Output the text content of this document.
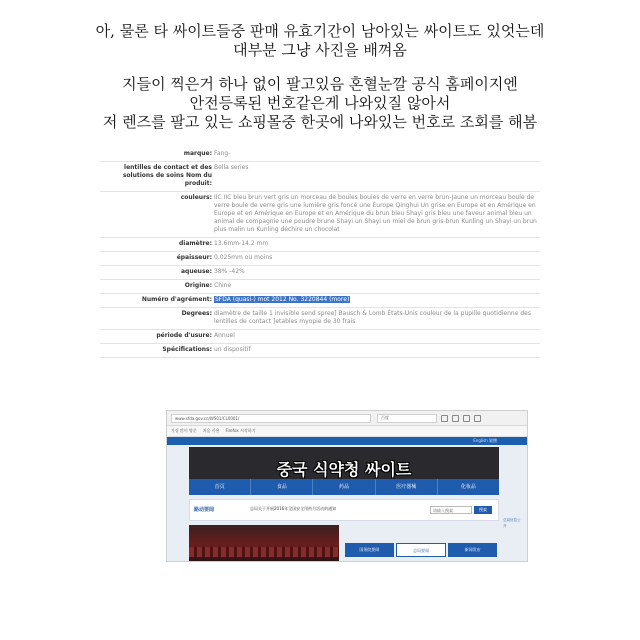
아, 물론 타 싸이트들중 판매 유효기간이 남아있는 싸이트도 있엇는데
대부분 그냥 사진을 배껴옴
지들이 찍은거 하나 없이 팔고있음 혼혈눈깔 공식 홈페이지엔
안전등록된 번호같은게 나와있질 않아서
저 렌즈를 팔고 있는 쇼핑몰중 한곳에 나와있는 번호로 조회를 해봄
marque: Fang-
lentilles de contact et des solutions de soins Nom du produit:
Bella series
couleurs: IIC IIC bleu brun vert gris un morceau de boules boules de verre en verre brun-Jaune un morceau boule de verre boule de verre gris une lumière gris foncé une Europe Qinghui Un grise en Europe et en Amérique en Europe et en Amérique en Europe et en Amérique du brun bleu Shayi gris bleu une faveur animal bleu un animal de compagnie une poudre brune Shayi un Shayi un miel de brun gris-brun Kunling un Shayi un brun plus malin un Kunling déchire un chocolat
diamètre: 13.6mm-14.2 mm
épaisseur: 0.025mm ou moins
aqueuse: 38% -42%
Origine: Chine
Numéro d'agrément: SFDA (quasi-) mot 2012 No. 3220844 (more)
Degrees: diamètre de taille 1 invisible send spree] Bausch & Lomb États-Unis couleur de la pupille quotidienne des lentilles de contact ]etables myopie de 30 frais
période d'usure: Annuel
Spécifications: un dispositif
www.sfda.gov.cn/WS01/CL0001/	百度
가장 많이 방문 처음 사용 Firefox 시작하기
English 繁體
중국 식약청 싸이트
首页	食品	药品	医疗器械	化妆品
路动要闻	总局关于开展2016年全国安全用药月活动的通知	请输入搜索	搜索
总局信息公开
国务院要闻	总局要闻	新闻发布
